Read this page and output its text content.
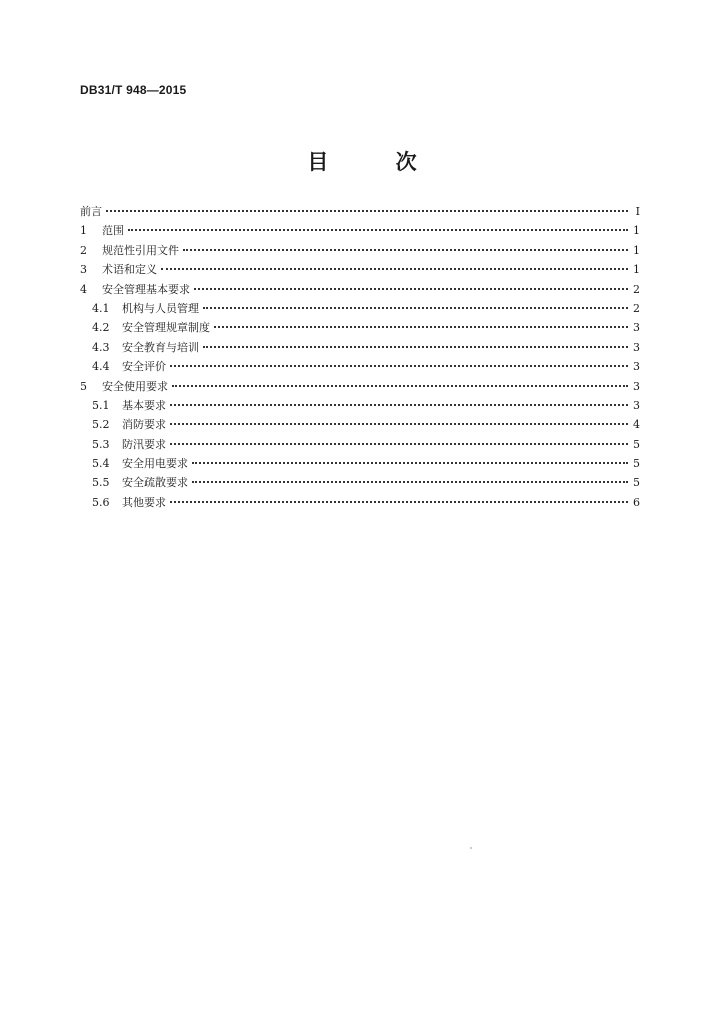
DB31/T 948—2015
目 次
前言	Ⅰ
1	范围	1
2	规范性引用文件	1
3	术语和定义	1
4	安全管理基本要求	2
4.1	机构与人员管理	2
4.2	安全管理规章制度	3
4.3	安全教育与培训	3
4.4	安全评价	3
5	安全使用要求	3
5.1	基本要求	3
5.2	消防要求	4
5.3	防汛要求	5
5.4	安全用电要求	5
5.5	安全疏散要求	5
5.6	其他要求	6
